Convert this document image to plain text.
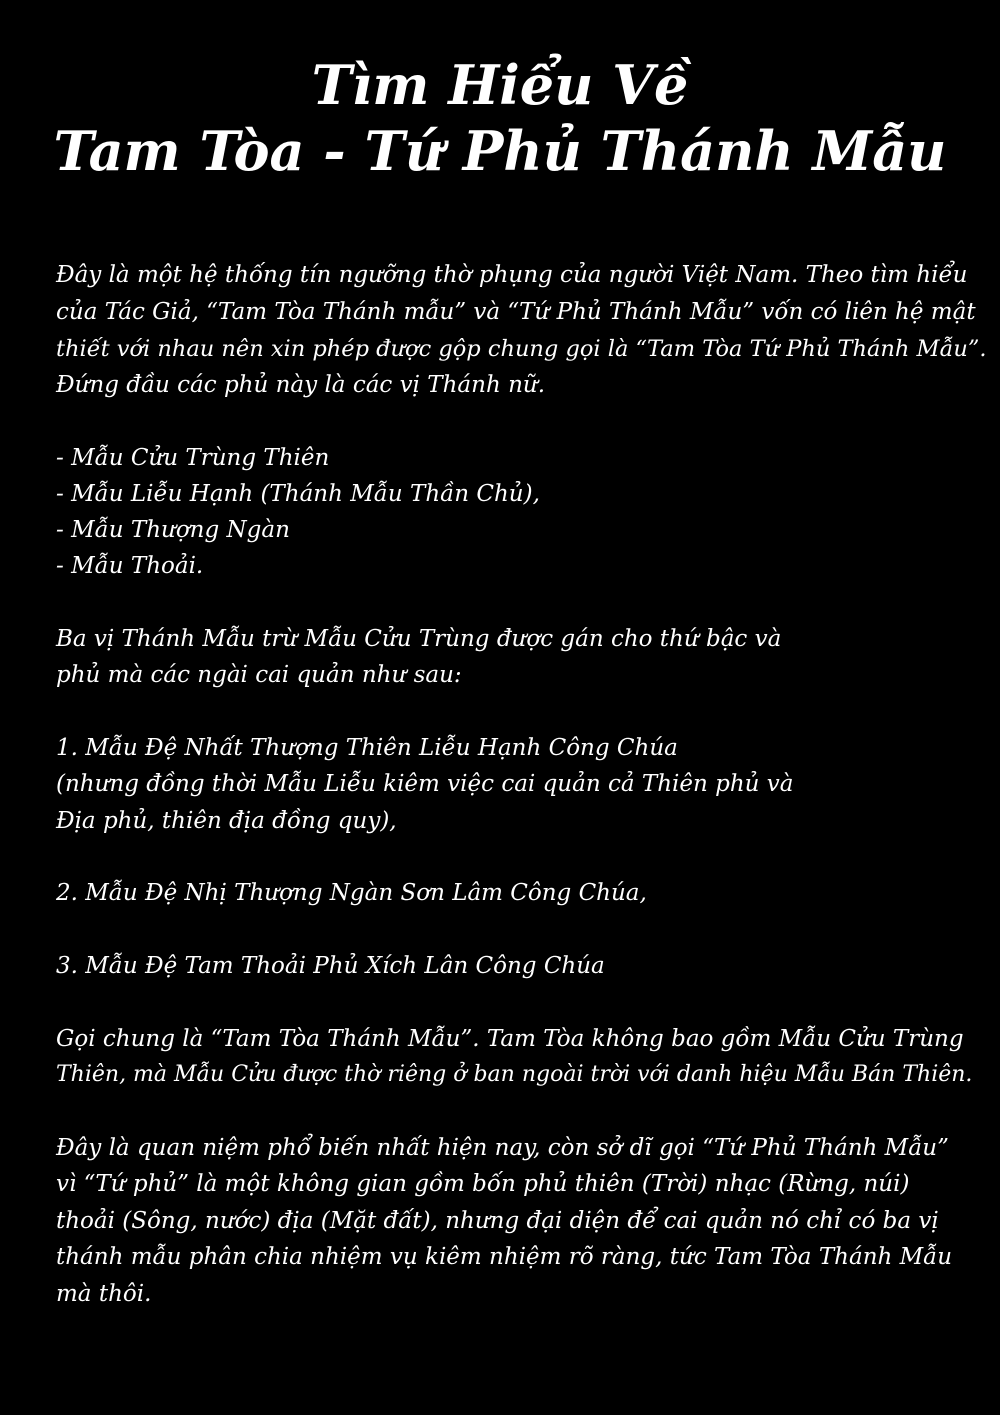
Tìm Hiểu Về
Tam Tòa - Tứ Phủ Thánh Mẫu

Đây là một hệ thống tín ngưỡng thờ phụng của người Việt Nam. Theo tìm hiểu

của Tác Giả, “Tam Tòa Thánh mẫu” và “Tứ Phủ Thánh Mẫu” vốn có liên hệ mật

thiết với nhau nên xin phép được gộp chung gọi là “Tam Tòa Tứ Phủ Thánh Mẫu”.

Đứng đầu các phủ này là các vị Thánh nữ.

- Mẫu Cửu Trùng Thiên

- Mẫu Liễu Hạnh (Thánh Mẫu Thần Chủ),

- Mẫu Thượng Ngàn

- Mẫu Thoải.

Ba vị Thánh Mẫu trừ Mẫu Cửu Trùng được gán cho thứ bậc và

phủ mà các ngài cai quản như sau:

1. Mẫu Đệ Nhất Thượng Thiên Liễu Hạnh Công Chúa

(nhưng đồng thời Mẫu Liễu kiêm việc cai quản cả Thiên phủ và

Địa phủ, thiên địa đồng quy),

2. Mẫu Đệ Nhị Thượng Ngàn Sơn Lâm Công Chúa,

3. Mẫu Đệ Tam Thoải Phủ Xích Lân Công Chúa

Gọi chung là “Tam Tòa Thánh Mẫu”. Tam Tòa không bao gồm Mẫu Cửu Trùng

Thiên, mà Mẫu Cửu được thờ riêng ở ban ngoài trời với danh hiệu Mẫu Bán Thiên.

Đây là quan niệm phổ biến nhất hiện nay, còn sở dĩ gọi “Tứ Phủ Thánh Mẫu”

vì “Tứ phủ” là một không gian gồm bốn phủ thiên (Trời) nhạc (Rừng, núi)

thoải (Sông, nước) địa (Mặt đất), nhưng đại diện để cai quản nó chỉ có ba vị

thánh mẫu phân chia nhiệm vụ kiêm nhiệm rõ ràng, tức Tam Tòa Thánh Mẫu

mà thôi.
